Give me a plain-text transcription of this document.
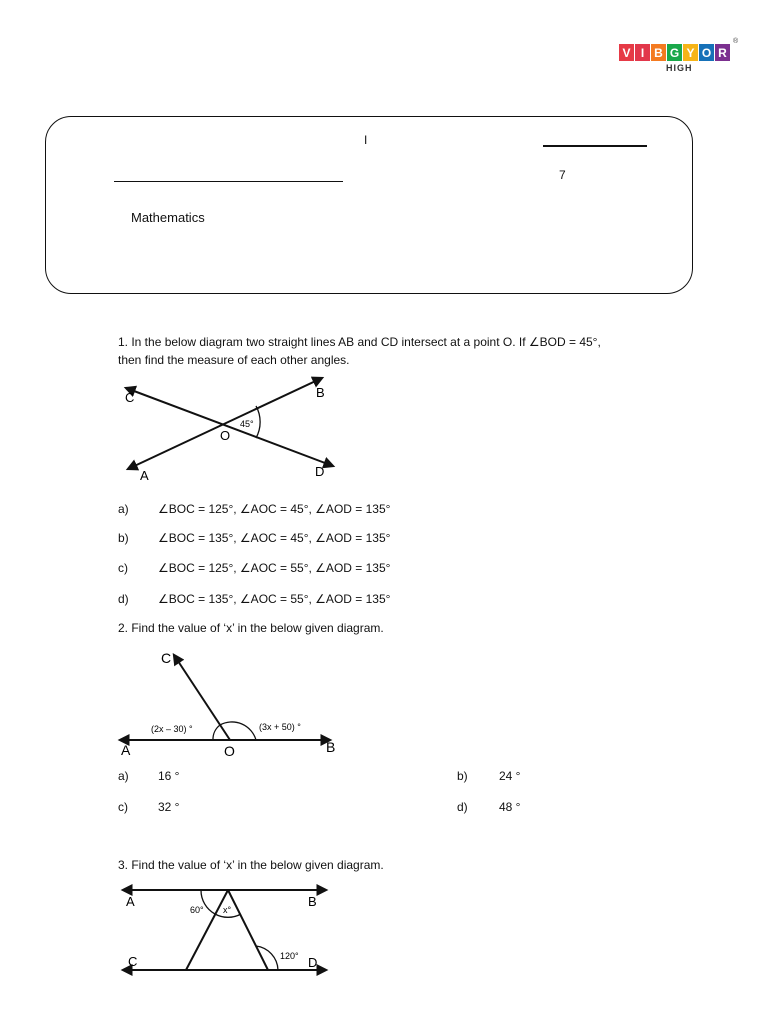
V I B G Y O R
HIGH
®
I
7
Mathematics
1. In the below diagram two straight lines AB and CD intersect at a point O. If ∠BOD = 45°,
then find the measure of each other angles.
C	B
O
A	D
45°
a) ∠BOC = 125°, ∠AOC = 45°, ∠AOD = 135°
b) ∠BOC = 135°, ∠AOC = 45°, ∠AOD = 135°
c)	∠BOC = 125°, ∠AOC = 55°, ∠AOD = 135°
d) ∠BOC = 135°, ∠AOC = 55°, ∠AOD = 135°
2. Find the value of ‘x’ in the below given diagram.
C
A	O	B
(2x – 30) °	(3x + 50) °
a) 16 °	b)	24 °
c)	32 °	d)	48 °
3. Find the value of ‘x’ in the below given diagram.
A	B
C	D
60° x°
120°
